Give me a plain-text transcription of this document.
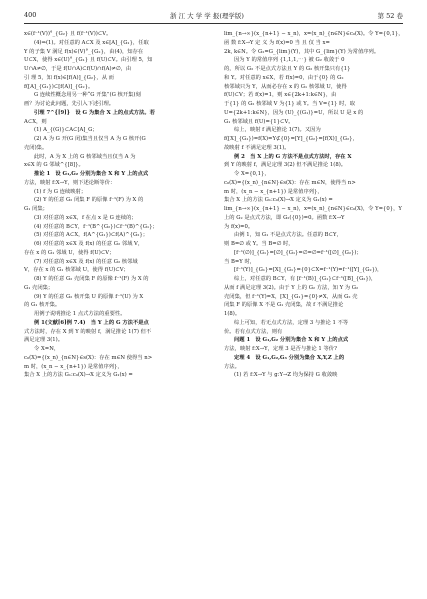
400	浙 江 大 学 学 报(理学版)	第 52 卷
x∈(f⁻¹(V))°_{G₂} 且 f(f⁻¹(V))⊂V。
(4)⇒(1)。对任意的 A⊂X 及 x∈[A]_{G₁}，任取
Y 的子集 V 满足 f(x)∈(V)°_{G₂}，由(4)，知存在
U⊂X，使得 x∈(U)°_{G₁} 且 f(U)⊂V。由引理 5，知
U∩A≠∅，于是 f(U∩A)⊂f(U)∩f(A)≠∅，由
引 理 5，知 f(x)∈[f(A)]_{G₂}，从 而
f([A]_{G₁})⊂[f(A)]_{G₂}。
G 连续性概念用另一种“G 开集”(G 核开集)刻
画？为讨论此问题，先引入下述引理。
引理 7^{[9]}　设 G 为集合 X 上的点式方法。若
A⊂X，则
(1) A_{(G)}⊂A⊂[A]_G；
(2) A 为 G 开(G 闭)集当且仅当 A 为 G 核开(G
壳闭)集。
此时，A 为 X 上的 G 核邻域当且仅当 A 为
x∈X 的 G 邻域^{[8]}。
推论 1　设 G₁,G₂ 分别为集合 X 和 Y 上的点式
方法，映射 f:X→Y，则下述论断等价：
(1) f 为 G 连续映射；
(2) Y 的任意 G₂ 闭集 F 的原像 f⁻¹(F) 为 X 的
G₁ 闭集；
(3) 对任意的 x∈X，f 在点 x 是 G 连续的；
(4) 对任意的 B⊂Y，f⁻¹(B^{G₂})⊂f⁻¹(B)^{G₁}；
(5) 对任意的 A⊂X，f(A^{G₁})⊂f(A)^{G₂}；
(6) 对任意的 x∈X 及 f(x) 的任意 G₂ 邻域 V，
存在 x 的 G₁ 邻域 U，使得 f(U)⊂V；
(7) 对任意的 x∈X 及 f(x) 的任意 G₂ 核邻域
V，存在 x 的 G₁ 核邻域 U，使得 f(U)⊂V；
(8) Y 的任意 G₂ 壳闭集 F 的原像 f⁻¹(F) 为 X 的
G₁ 壳闭集；
(9) Y 的任意 G₂ 核开集 U 的原像 f⁻¹(U) 为 X
的 G₁ 核开集。
用例子说明推论 1 点式方法的重要性。
例 1(文献[6]例 7.4)　当 Y 上的 G 方法不是点
式方法时，存在 X 到 Y 的映射 f，满足推论 1(7) 但不
满足定理 3(1)。
令 X=N，
c₀(X)={(x_n)_{n∈N}∈s(X)：存在 m∈N 使得当 n>
m 时，(x_n − x_{n+1}) 是常值序列}，
集合 X 上的方法 G₁:c₀(X)→X 定义为 G₁(x) =
lim_{n→∞}(x_{n+1} − x_n)，x=(x_n)_{n∈N}∈c₀(X)。令 Y={0,1}，
函 数 f:X→Y 定 义 为 f(x)=0 当 且 仅 当 x=
2k, k∈N。令 G₂=G_{lim}(Y)，其中 G_{lim}(Y) 为常值序列。
因为 Y 的常值序列 {1,1,1,⋯} 被 G₂ 收敛于 0
的，所以 G₂ 不是点式方法且 Y 的 G₂ 核开集只有{1}
和 Y。对任意的 x∈X，若 f(x)=0，由于{0} 的 G₂
核邻域只为 Y，从而必存在 x 的 G₁ 核邻域 U，使得
f(U)⊂V；若 f(x)=1，则 x∈{2k+1:k∈N}，由
于{1} 的 G₂ 核邻域 V 为{1} 或 Y。当 V={1} 时，取
U={2k+1:k∈N}，因为 (U)_{(G₁)}=U，所以 U 是 x 的
G₁ 核邻域且 f(U)={1}⊂V。
综上，映射 f 满足推论 1(7)。又因为
f([X]_{G₁})=f(X)=Y⊄{0}=[Y]_{G₂}=[f(X)]_{G₂}，
故映射 f 不满足定理 3(1)。
例 2　当 X 上的 G 方法不是点式方法时，存在 X
到 Y 的映射 f，满足定理 3(2) 但不满足推论 1(8)。
令 X={0,1}，
c₀(X)={(x_n)_{n∈N}∈s(X)：存在 m∈N，使得当 n>
m 时，(x_n − x_{n+1}) 是常值序列}，
集合 X 上的方法 G₁:c₀(X)→X 定义为 G₁(x) =
lim_{n→∞}(x_{n+1} − x_n)，x=(x_n)_{n∈N}∈c₀(X)，令 Y={0}，Y
上的 G₂ 是点式方法，即 G₂({0})=0。函数 f:X→Y
为 f(x)=0。
由例 1，知 G₁ 不是点式方法。任意的 B⊂Y，
则 B=∅ 或 Y。当 B=∅ 时，
[f⁻¹(∅)]_{G₁}=[∅]_{G₁}=∅=∅=f⁻¹([∅]_{G₂})；
当 B=Y 时，
[f⁻¹(Y)]_{G₁}=[X]_{G₁}={0}⊂X=f⁻¹(Y)=f⁻¹([Y]_{G₂})，
综上，对任意的 B⊂Y，有 [f⁻¹(B)]_{G₁}⊂f⁻¹([B]_{G₂})，
从而 f 满足定理 3(2)。由于 Y 上的 G₂ 方法，知 Y 为 G₂
壳闭集，但 f⁻¹(Y)=X，[X]_{G₁}={0}≠X，从而 G₂ 壳
闭集 F 的原像 X 不是 G₁ 壳闭集，故 f 不满足推论
1(8)。
综上可知，若无点式方法，定理 3 与推论 1 不等
价。若有点式方法，则有
问题 1　设 G₁,G₂ 分别为集合 X 和 Y 上的点式
方法，映射 f:X→Y，定理 3 是否与推论 1 等价?
定理 4　设 G₁,G₂,G₃ 分别为集合 X,Y,Z 上的
方法。
(1) 若 f:X→Y 与 g:Y→Z 均为保持 G 收敛映
